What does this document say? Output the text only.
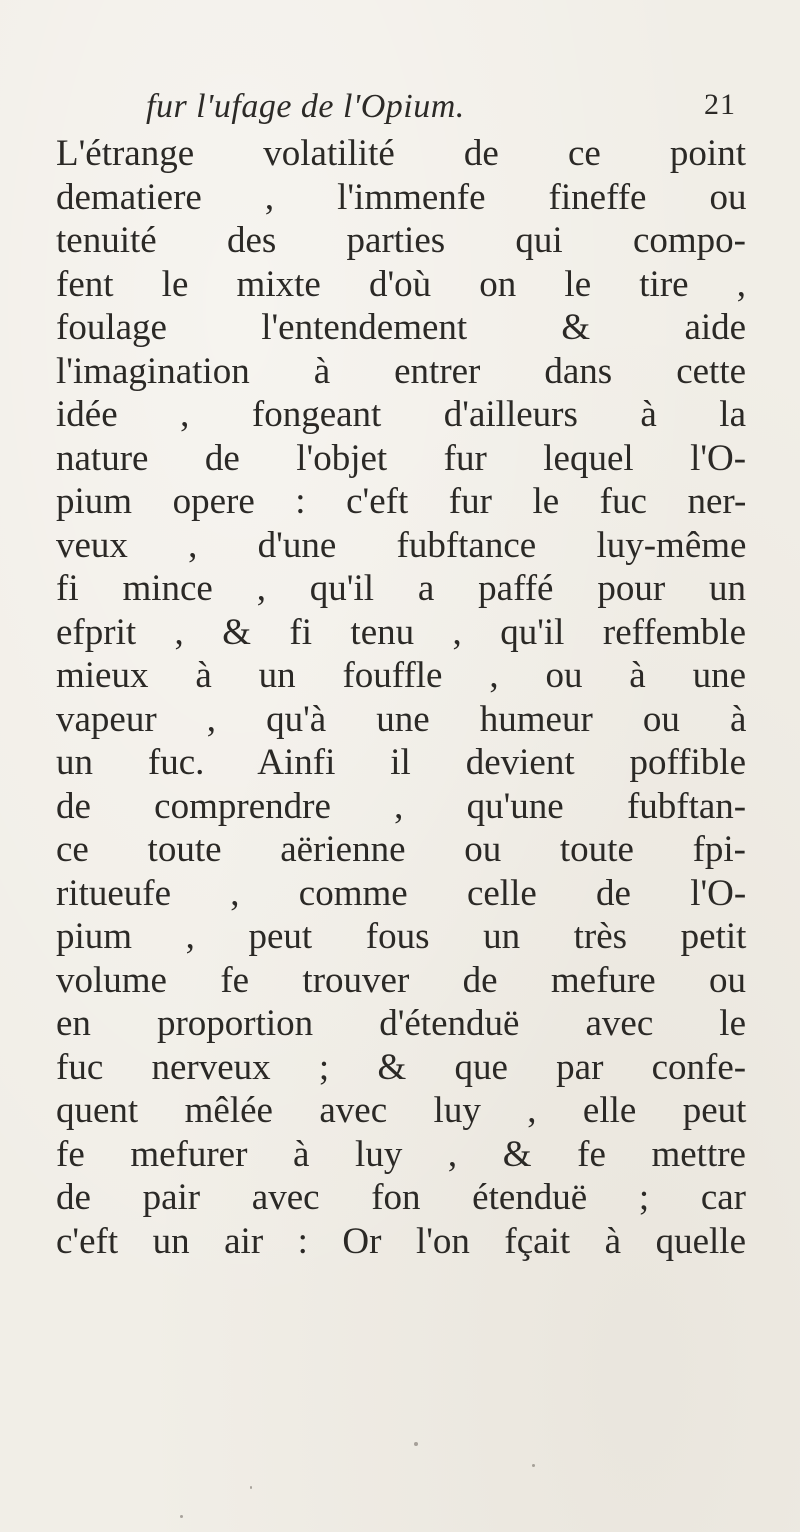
fur l'ufage de l'Opium.	21
L'étrange volatilité de ce point
dematiere , l'immenfe fineffe ou
tenuité des parties qui compo-
fent le mixte d'où on le tire ,
foulage l'entendement & aide
l'imagination à entrer dans cette
idée , fongeant d'ailleurs à la
nature de l'objet fur lequel l'O-
pium opere : c'eft fur le fuc ner-
veux , d'une fubftance luy-même
fi mince , qu'il a paffé pour un
efprit , & fi tenu , qu'il reffemble
mieux à un fouffle , ou à une
vapeur , qu'à une humeur ou à
un fuc. Ainfi il devient poffible
de comprendre , qu'une fubftan-
ce toute aërienne ou toute fpi-
ritueufe , comme celle de l'O-
pium , peut fous un très petit
volume fe trouver de mefure ou
en proportion d'étenduë avec le
fuc nerveux ; & que par confe-
quent mêlée avec luy , elle peut
fe mefurer à luy , & fe mettre
de pair avec fon étenduë ; car
c'eft un air : Or l'on fçait à quelle
